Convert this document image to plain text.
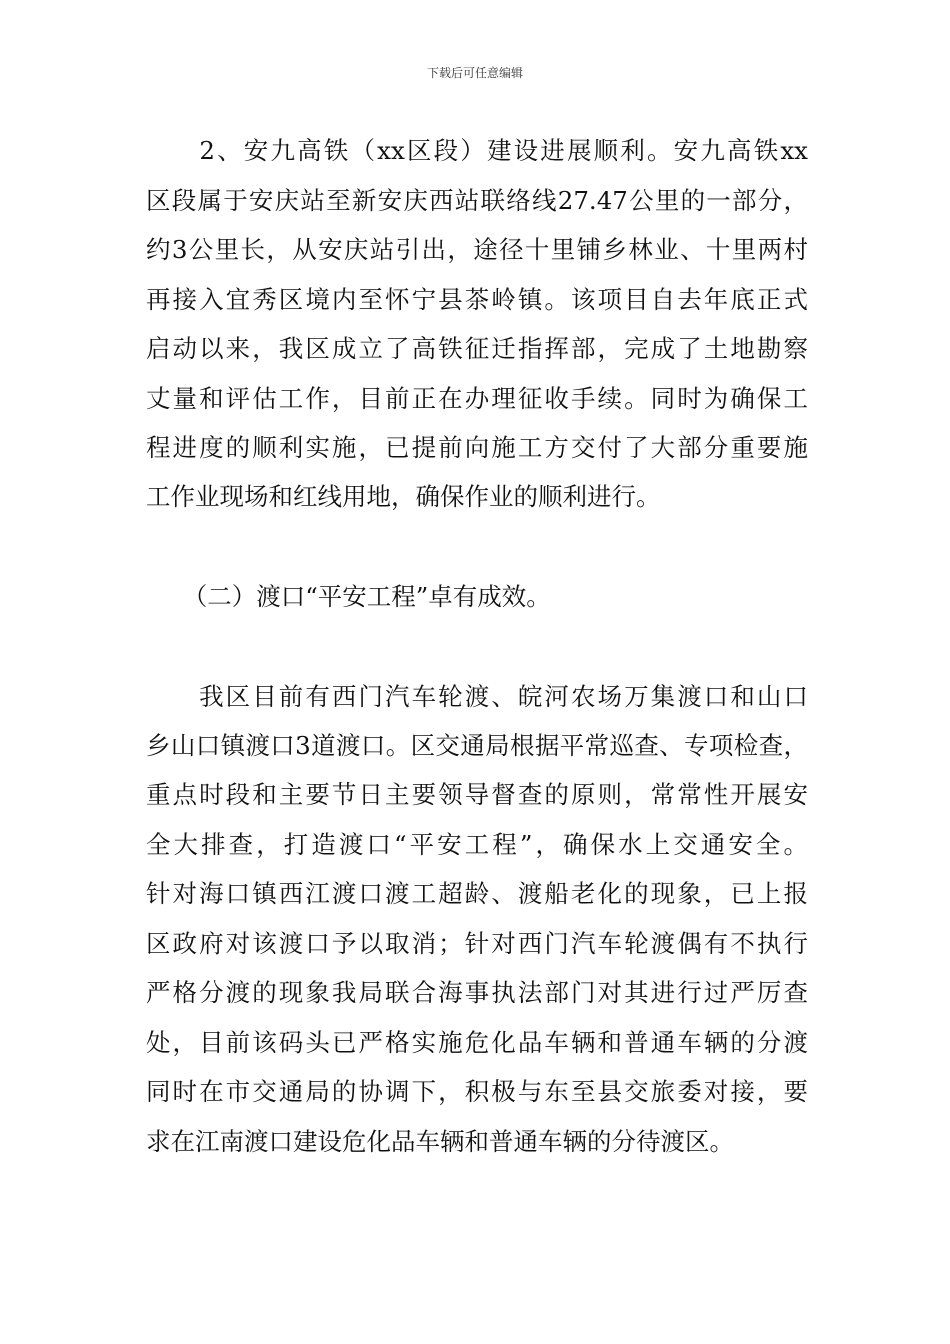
下载后可任意编辑

　　2、安九高铁（xx区段）建设进展顺利。安九高铁xx

区段属于安庆站至新安庆西站联络线27.47公里的一部分，

约3公里长，从安庆站引出，途径十里铺乡林业、十里两村

再接入宜秀区境内至怀宁县茶岭镇。该项目自去年底正式

启动以来，我区成立了高铁征迁指挥部，完成了土地勘察

丈量和评估工作，目前正在办理征收手续。同时为确保工

程进度的顺利实施，已提前向施工方交付了大部分重要施

工作业现场和红线用地，确保作业的顺利进行。

　　（二）渡口“平安工程”卓有成效。

　　我区目前有西门汽车轮渡、皖河农场万集渡口和山口

乡山口镇渡口3道渡口。区交通局根据平常巡查、专项检查，

重点时段和主要节日主要领导督查的原则，常常性开展安

全大排查，打造渡口“平安工程”，确保水上交通安全。

针对海口镇西江渡口渡工超龄、渡船老化的现象，已上报

区政府对该渡口予以取消；针对西门汽车轮渡偶有不执行

严格分渡的现象我局联合海事执法部门对其进行过严厉查

处，目前该码头已严格实施危化品车辆和普通车辆的分渡

同时在市交通局的协调下，积极与东至县交旅委对接，要

求在江南渡口建设危化品车辆和普通车辆的分待渡区。
